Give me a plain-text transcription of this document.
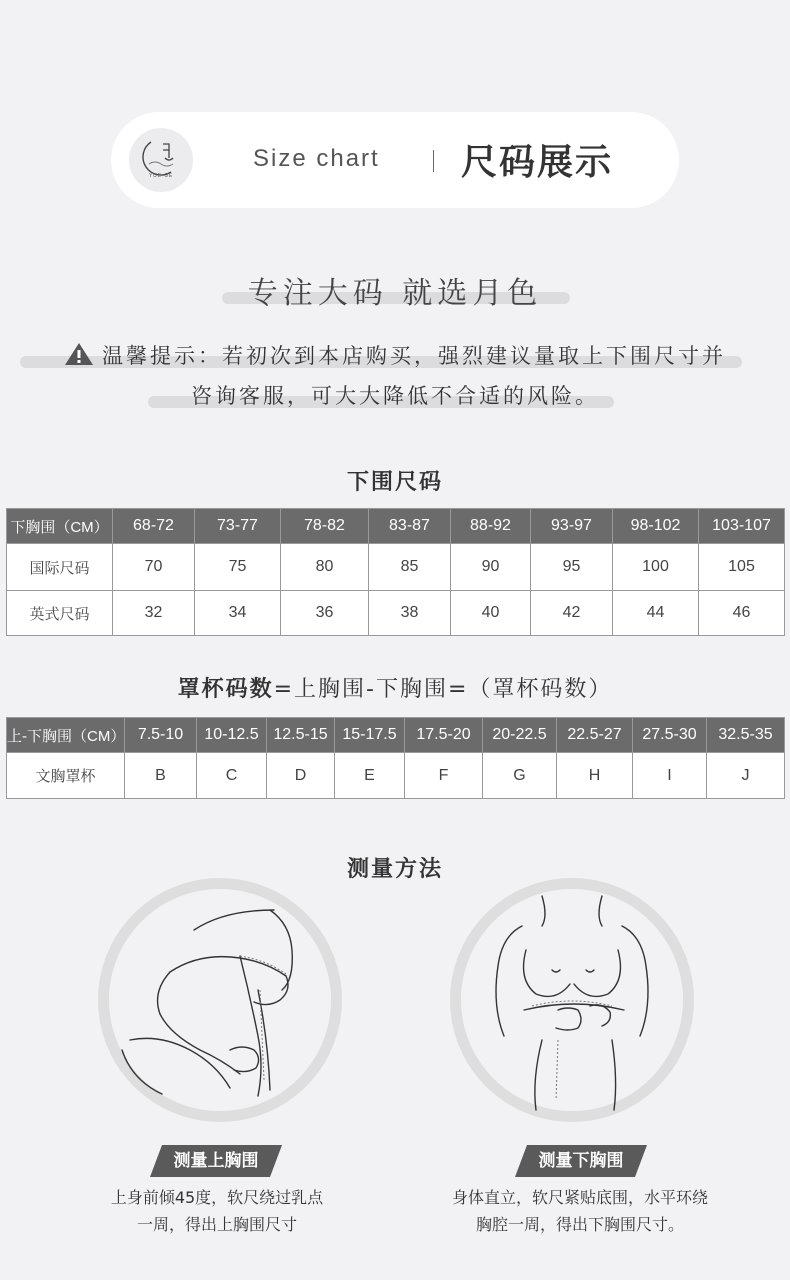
YUE SE
Size chart 尺码展示
专注大码 就选月色
温馨提示：若初次到本店购买，强烈建议量取上下围尺寸并
咨询客服，可大大降低不合适的风险。
下围尺码
下胸围（CM）	68-72	73-77	78-82	83-87	88-92	93-97	98-102	103-107
国际尺码	70	75	80	85	90	95	100	105
英式尺码	32	34	36	38	40	42	44	46
罩杯码数=上胸围-下胸围=（罩杯码数）
上-下胸围（CM）	7.5-10	10-12.5	12.5-15	15-17.5	17.5-20	20-22.5	22.5-27	27.5-30	32.5-35
文胸罩杯	B	C	D	E	F	G	H	I	J
测量方法
测量上胸围
上身前倾45度，软尺绕过乳点
一周，得出上胸围尺寸
测量下胸围
身体直立，软尺紧贴底围，水平环绕
胸腔一周，得出下胸围尺寸。
